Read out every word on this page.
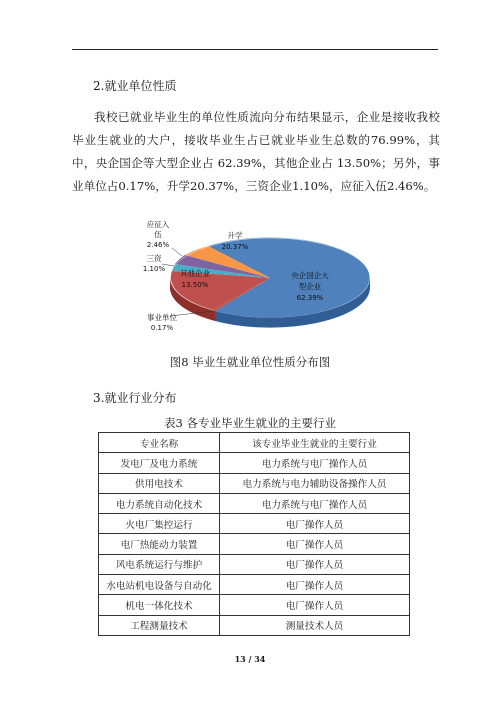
2.就业单位性质
我校已就业毕业生的单位性质流向分布结果显示，企业是接收我校毕业生就业的大户，接收毕业生占已就业毕业生总数的76.99%，其中，央企国企等大型企业占 62.39%，其他企业占 13.50%；另外，事业单位占0.17%，升学20.37%，三资企业1.10%，应征入伍2.46%。
央企国企大
型企业
62.39%
升学
20.37%
其他企业
13.50%
应征入
伍
2.46%
三资
1.10%
事业单位
0.17%
图8 毕业生就业单位性质分布图
3.就业行业分布
表3 各专业毕业生就业的主要行业
专业名称	该专业毕业生就业的主要行业
发电厂及电力系统	电力系统与电厂操作人员
供用电技术	电力系统与电力辅助设备操作人员
电力系统自动化技术	电力系统与电厂操作人员
火电厂集控运行	电厂操作人员
电厂热能动力装置	电厂操作人员
风电系统运行与维护	电厂操作人员
水电站机电设备与自动化	电厂操作人员
机电一体化技术	电厂操作人员
工程测量技术	测量技术人员
13 / 34
